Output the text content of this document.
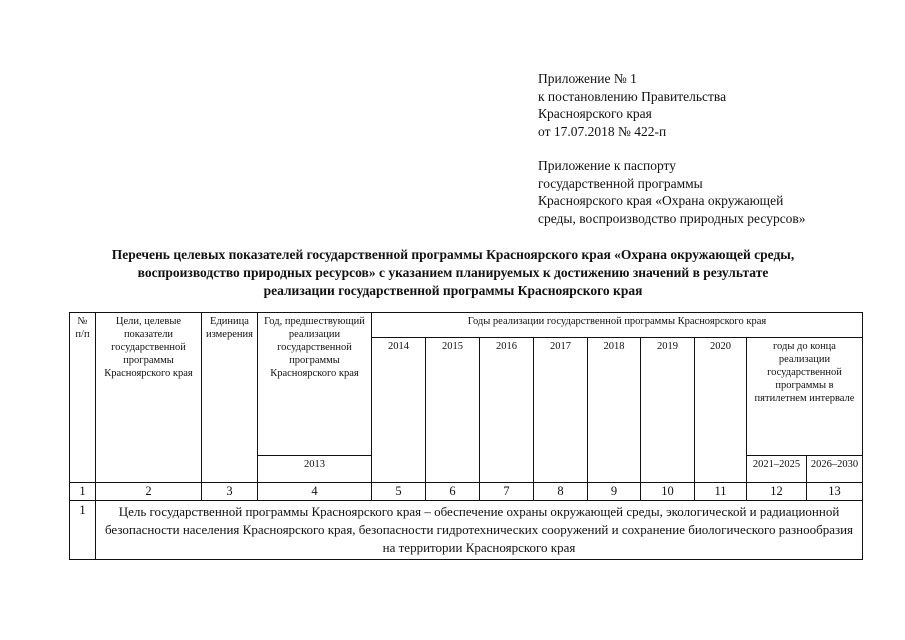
Приложение № 1
к постановлению Правительства
Красноярского края
от 17.07.2018 № 422-п
Приложение к паспорту
государственной программы
Красноярского края «Охрана окружающей
среды, воспроизводство природных ресурсов»
Перечень целевых показателей государственной программы Красноярского края «Охрана окружающей среды,
воспроизводство природных ресурсов» с указанием планируемых к достижению значений в результате
реализации государственной программы Красноярского края
№ п/п	Цели, целевые показатели государственной программы Красноярского края	Единица измерения	Год, предшествующий реализации государственной программы Красноярского края	Годы реализации государственной программы Красноярского края								
				2014	2015	2016	2017	2018	2019	2020	годы до конца реализации государственной программы в пятилетнем интервале	
			2013								2021–2025	2026–2030
1	2	3	4	5	6	7	8	9	10	11	12	13
1	Цель государственной программы Красноярского края – обеспечение охраны окружающей среды, экологической и радиационной безопасности населения Красноярского края, безопасности гидротехнических сооружений и сохранение биологического разнообразия на территории Красноярского края											
